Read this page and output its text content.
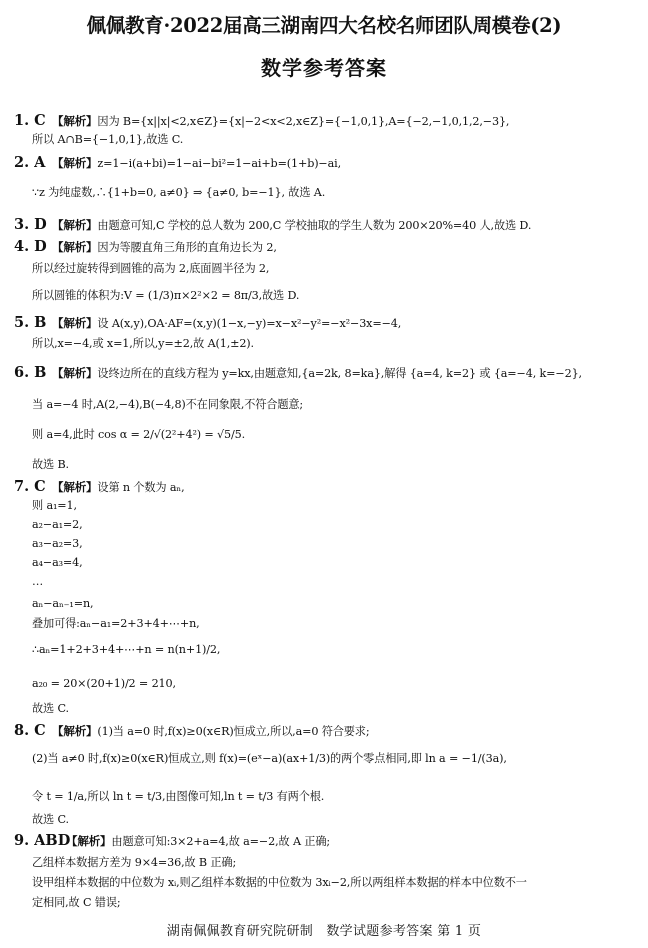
佩佩教育·2022届高三湖南四大名校名师团队周模卷(2)
数学参考答案
1. C 【解析】因为 B={x||x|<2,x∈Z}={x|−2<x<2,x∈Z}={−1,0,1},A={−2,−1,0,1,2,−3},
所以 A∩B={−1,0,1},故选 C.
2. A 【解析】z=1−i(a+bi)=1−ai−bi²=1−ai+b=(1+b)−ai,
∵z 为纯虚数,∴{1+b=0, a≠0} ⇒ {a≠0, b=−1}, 故选 A.
3. D 【解析】由题意可知,C 学校的总人数为 200,C 学校抽取的学生人数为 200×20%=40 人,故选 D.
4. D 【解析】因为等腰直角三角形的直角边长为 2,
所以经过旋转得到圆锥的高为 2,底面圆半径为 2,
所以圆锥的体积为:V = (1/3)π×2²×2 = 8π/3,故选 D.
5. B 【解析】设 A(x,y),OA·AF=(x,y)(1−x,−y)=x−x²−y²=−x²−3x=−4,
所以,x=−4,或 x=1,所以,y=±2,故 A(1,±2).
6. B 【解析】设终边所在的直线方程为 y=kx,由题意知,{a=2k, 8=ka},解得 {a=4, k=2} 或 {a=−4, k=−2},
当 a=−4 时,A(2,−4),B(−4,8)不在同象限,不符合题意;
则 a=4,此时 cos α = 2/√(2²+4²) = √5/5.
故选 B.
7. C 【解析】设第 n 个数为 aₙ,
则 a₁=1,
a₂−a₁=2,
a₃−a₂=3,
a₄−a₃=4,
…
aₙ−aₙ₋₁=n,
叠加可得:aₙ−a₁=2+3+4+⋯+n,
∴aₙ=1+2+3+4+⋯+n = n(n+1)/2,
a₂₀ = 20×(20+1)/2 = 210,
故选 C.
8. C 【解析】(1)当 a=0 时,f(x)≥0(x∈R)恒成立,所以,a=0 符合要求;
(2)当 a≠0 时,f(x)≥0(x∈R)恒成立,则 f(x)=(eˣ−a)(ax+1/3)的两个零点相同,即 ln a = −1/(3a),
令 t = 1/a,所以 ln t = t/3,由图像可知,ln t = t/3 有两个根.
故选 C.
9. ABD
【解析】由题意可知:3×2+a=4,故 a=−2,故 A 正确;
乙组样本数据方差为 9×4=36,故 B 正确;
设甲组样本数据的中位数为 xᵢ,则乙组样本数据的中位数为 3xᵢ−2,所以两组样本数据的样本中位数不一
定相同,故 C 错误;
湖南佩佩教育研究院研制　数学试题参考答案 第 1 页
